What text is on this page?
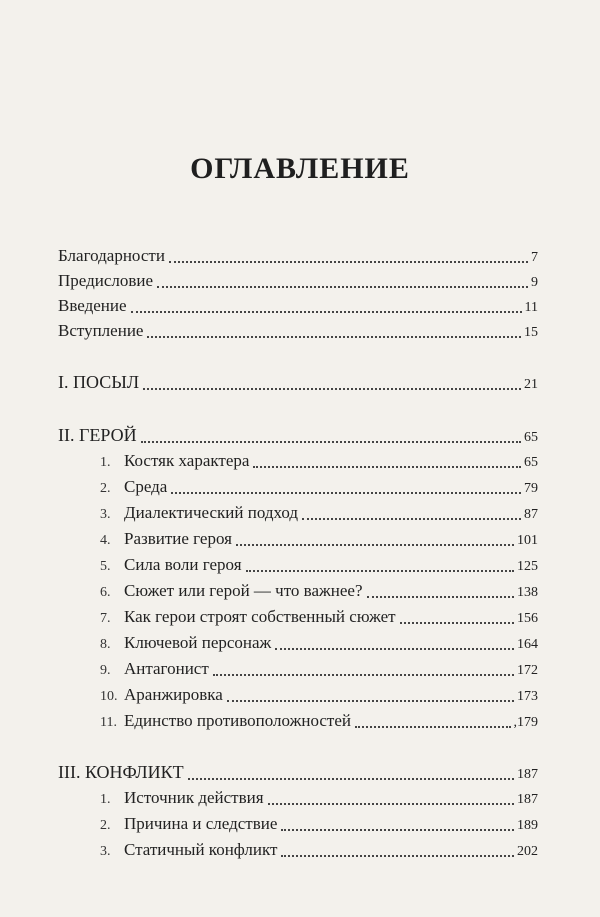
ОГЛАВЛЕНИЕ
Благодарности	7
Предисловие	9
Введение	11
Вступление	15
I. ПОСЫЛ	21
II. ГЕРОЙ	65
1. Костяк характера	65
2. Среда	79
3. Диалектический подход	87
4. Развитие героя	101
5. Сила воли героя	125
6. Сюжет или герой — что важнее?	138
7. Как герои строят собственный сюжет	156
8. Ключевой персонаж	164
9. Антагонист	172
10. Аранжировка	173
11. Единство противоположностей	,179
III. КОНФЛИКТ	187
1. Источник действия	187
2. Причина и следствие	189
3. Статичный конфликт	202
